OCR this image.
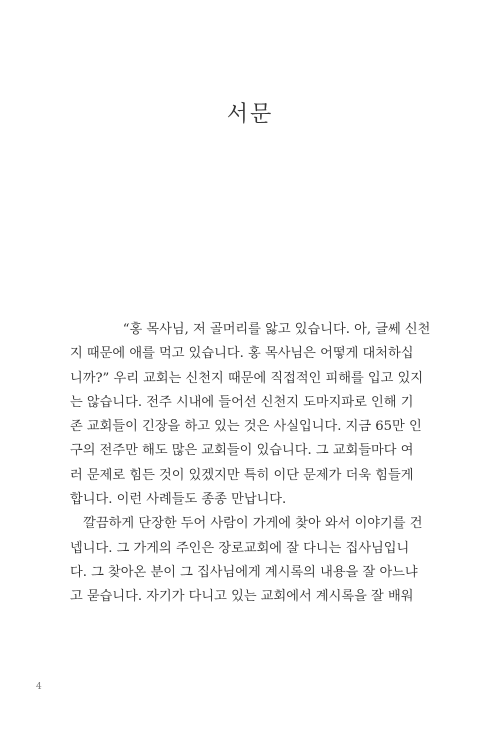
서문
　　　　“홍 목사님, 저 골머리를 앓고 있습니다. 아, 글쎄 신천
지 때문에 애를 먹고 있습니다. 홍 목사님은 어떻게 대처하십
니까?” 우리 교회는 신천지 때문에 직접적인 피해를 입고 있지
는 않습니다. 전주 시내에 들어선 신천지 도마지파로 인해 기
존 교회들이 긴장을 하고 있는 것은 사실입니다. 지금 65만 인
구의 전주만 해도 많은 교회들이 있습니다. 그 교회들마다 여
러 문제로 힘든 것이 있겠지만 특히 이단 문제가 더욱 힘들게
합니다. 이런 사례들도 종종 만납니다.
　깔끔하게 단장한 두어 사람이 가게에 찾아 와서 이야기를 건
넵니다. 그 가게의 주인은 장로교회에 잘 다니는 집사님입니
다. 그 찾아온 분이 그 집사님에게 계시록의 내용을 잘 아느냐
고 묻습니다. 자기가 다니고 있는 교회에서 계시록을 잘 배워
4
